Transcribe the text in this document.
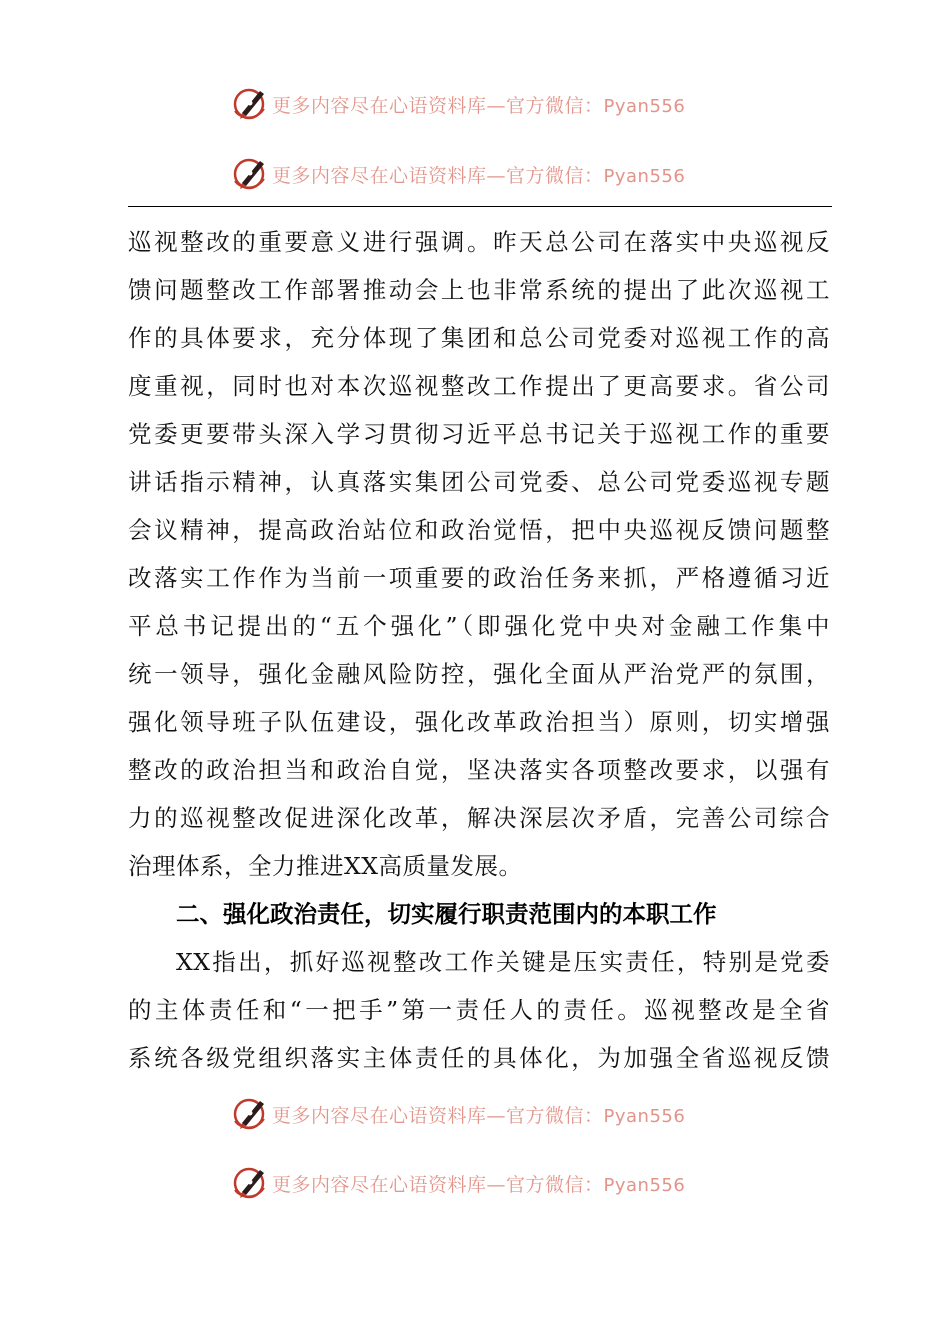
更多内容尽在心语资料库—官方微信：Pyan556
更多内容尽在心语资料库—官方微信：Pyan556
巡视整改的重要意义进行强调。昨天总公司在落实中央巡视反
馈问题整改工作部署推动会上也非常系统的提出了此次巡视工
作的具体要求，充分体现了集团和总公司党委对巡视工作的高
度重视，同时也对本次巡视整改工作提出了更高要求。省公司
党委更要带头深入学习贯彻习近平总书记关于巡视工作的重要
讲话指示精神，认真落实集团公司党委、总公司党委巡视专题
会议精神，提高政治站位和政治觉悟，把中央巡视反馈问题整
改落实工作作为当前一项重要的政治任务来抓，严格遵循习近
平总书记提出的“五个强化”（即强化党中央对金融工作集中
统一领导，强化金融风险防控，强化全面从严治党严的氛围，
强化领导班子队伍建设，强化改革政治担当）原则，切实增强
整改的政治担当和政治自觉，坚决落实各项整改要求，以强有
力的巡视整改促进深化改革，解决深层次矛盾，完善公司综合
治理体系，全力推进XX高质量发展。
二、强化政治责任，切实履行职责范围内的本职工作
XX指出，抓好巡视整改工作关键是压实责任，特别是党委
的主体责任和“一把手”第一责任人的责任。巡视整改是全省
系统各级党组织落实主体责任的具体化，为加强全省巡视反馈
更多内容尽在心语资料库—官方微信：Pyan556
更多内容尽在心语资料库—官方微信：Pyan556
